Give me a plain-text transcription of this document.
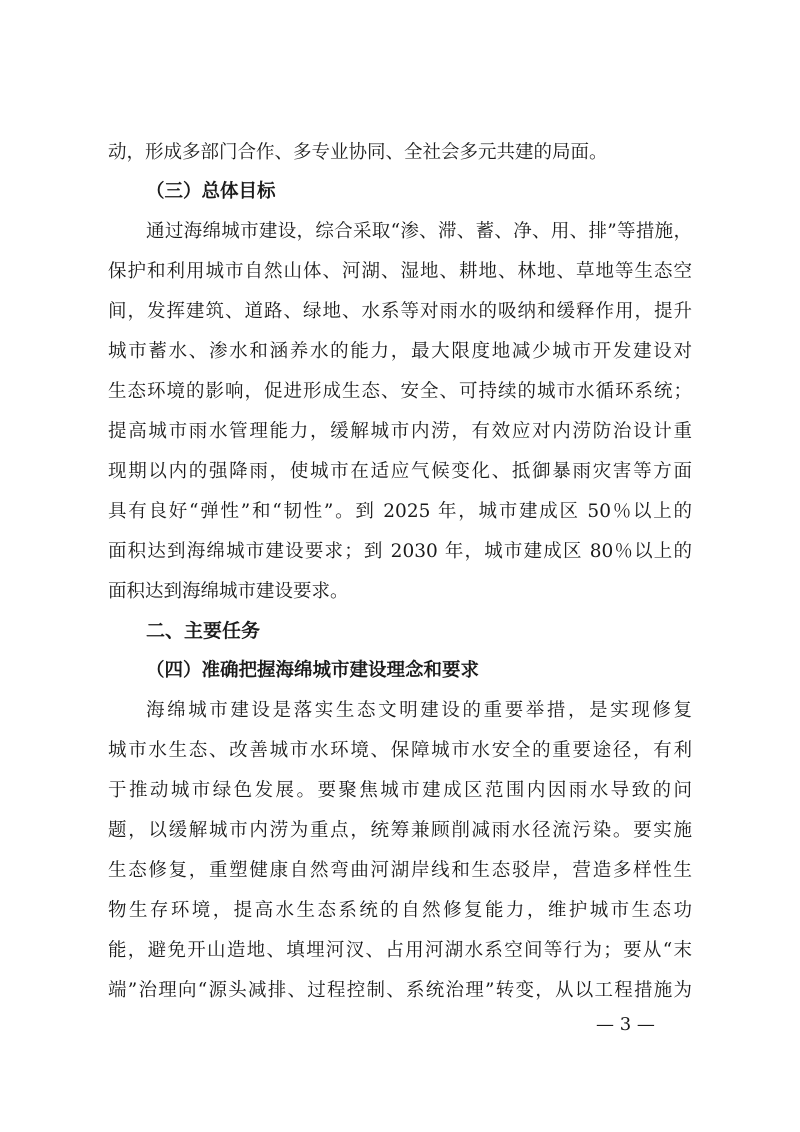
动，形成多部门合作、多专业协同、全社会多元共建的局面。
（三）总体目标
通过海绵城市建设，综合采取“渗、滞、蓄、净、用、排”等措施，
保护和利用城市自然山体、河湖、湿地、耕地、林地、草地等生态空
间，发挥建筑、道路、绿地、水系等对雨水的吸纳和缓释作用，提升
城市蓄水、渗水和涵养水的能力，最大限度地减少城市开发建设对
生态环境的影响，促进形成生态、安全、可持续的城市水循环系统；
提高城市雨水管理能力，缓解城市内涝，有效应对内涝防治设计重
现期以内的强降雨，使城市在适应气候变化、抵御暴雨灾害等方面
具有良好“弹性”和“韧性”。到 2025 年，城市建成区 50％以上的
面积达到海绵城市建设要求；到 2030 年，城市建成区 80％以上的
面积达到海绵城市建设要求。
二、主要任务
（四）准确把握海绵城市建设理念和要求
海绵城市建设是落实生态文明建设的重要举措，是实现修复
城市水生态、改善城市水环境、保障城市水安全的重要途径，有利
于推动城市绿色发展。要聚焦城市建成区范围内因雨水导致的问
题，以缓解城市内涝为重点，统筹兼顾削减雨水径流污染。要实施
生态修复，重塑健康自然弯曲河湖岸线和生态驳岸，营造多样性生
物生存环境，提高水生态系统的自然修复能力，维护城市生态功
能，避免开山造地、填埋河汊、占用河湖水系空间等行为；要从“末
端”治理向“源头减排、过程控制、系统治理”转变，从以工程措施为
— 3 —
